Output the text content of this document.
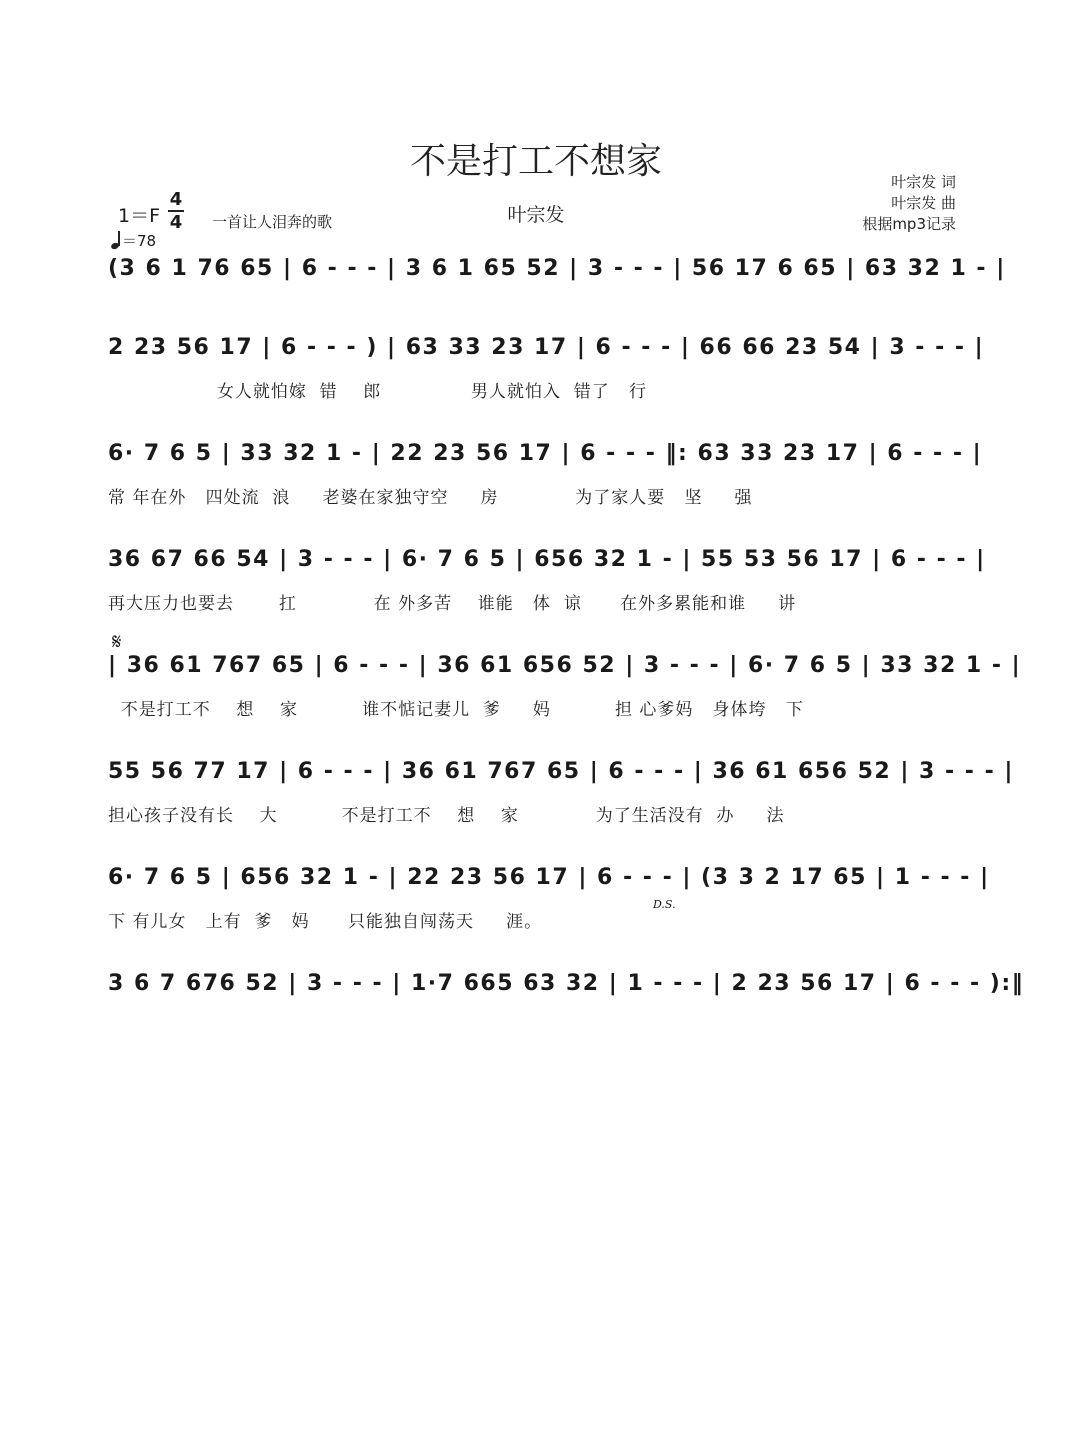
不是打工不想家
叶宗发
叶宗发 词
叶宗发 曲
根据mp3记录
1＝F
4
4 一首让人泪奔的歌
＝78
(3 6 1 76 65 | 6 - - - | 3 6 1 65 52 | 3 - - - | 56 17 6 65 | 63 32 1 - |
2 23 56 17 | 6 - - - ) | 63 33 23 17 | 6 - - - | 66 66 23 54 | 3 - - - |
女人就怕嫁  错    郎              男人就怕入  错了   行
6· 7 6 5 | 33 32 1 - | 22 23 56 17 | 6 - - - ‖: 63 33 23 17 | 6 - - - |
常 年在外   四处流  浪     老婆在家独守空     房            为了家人要   坚     强
36 67 66 54 | 3 - - - | 6· 7 6 5 | 656 32 1 - | 55 53 56 17 | 6 - - - |
再大压力也要去       扛            在 外多苦    谁能   体  谅      在外多累能和谁     讲
𝄋
| 36 61 767 65 | 6 - - - | 36 61 656 52 | 3 - - - | 6· 7 6 5 | 33 32 1 - |
不是打工不    想    家          谁不惦记妻儿  爹     妈          担 心爹妈   身体垮   下
55 56 77 17 | 6 - - - | 36 61 767 65 | 6 - - - | 36 61 656 52 | 3 - - - |
担心孩子没有长    大          不是打工不    想    家            为了生活没有  办     法
6· 7 6 5 | 656 32 1 - | 22 23 56 17 | 6 - - - | (3 3 2 17 65 | 1 - - - |
D.S.
下 有儿女   上有  爹   妈      只能独自闯荡天     涯。
3 6 7 676 52 | 3 - - - | 1·7 665 63 32 | 1 - - - | 2 23 56 17 | 6 - - - ):‖
